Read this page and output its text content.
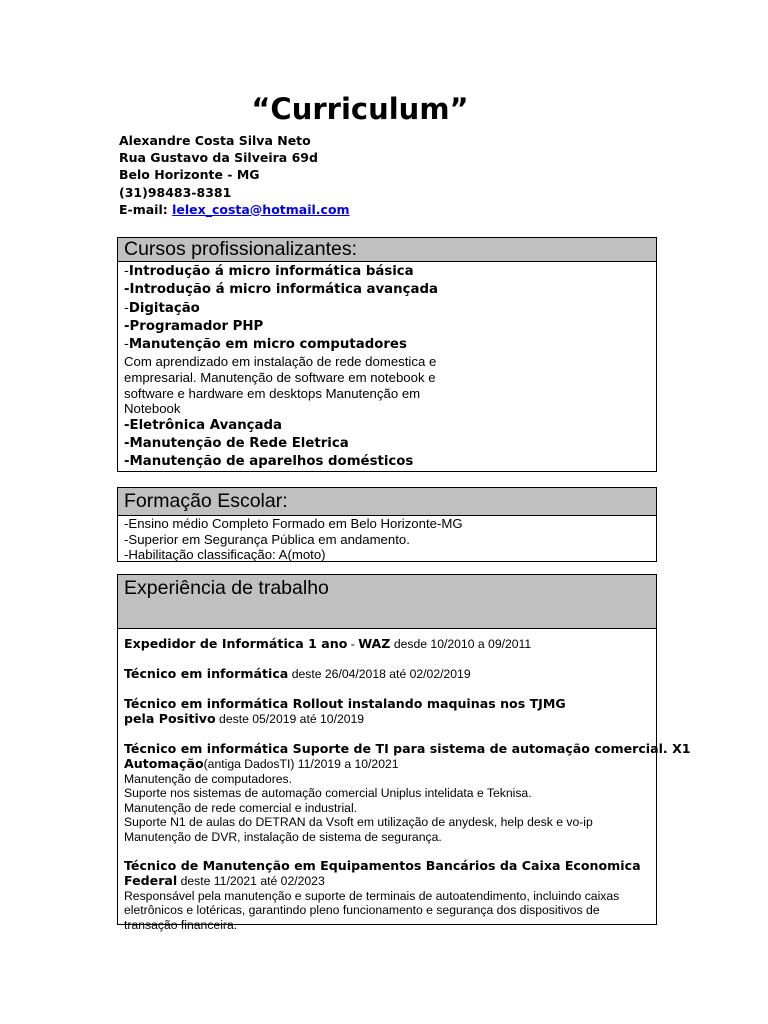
“Curriculum”
Alexandre Costa Silva Neto
Rua Gustavo da Silveira 69d
Belo Horizonte - MG
(31)98483-8381
E-mail: lelex_costa@hotmail.com
Cursos profissionalizantes:
-Introdução á micro informática básica
-Introdução á micro informática avançada
-Digitação
-Programador PHP
-Manutenção em micro computadores
Com aprendizado em instalação de rede domestica e
empresarial. Manutenção de software em notebook e
software e hardware em desktops Manutenção em
Notebook
-Eletrônica Avançada
-Manutenção de Rede Eletrica
-Manutenção de aparelhos domésticos
Formação Escolar:
-Ensino médio Completo Formado em Belo Horizonte-MG
-Superior em Segurança Pública em andamento.
-Habilitação classificação: A(moto)
Experiência de trabalho
Expedidor de Informática 1 ano - WAZ desde 10/2010 a 09/2011
Técnico em informática deste 26/04/2018 até 02/02/2019
Técnico em informática Rollout instalando maquinas nos TJMG
pela Positivo deste 05/2019 até 10/2019
Técnico em informática Suporte de TI para sistema de automação comercial. X1
Automação(antiga DadosTI) 11/2019 a 10/2021
Manutenção de computadores.
Suporte nos sistemas de automação comercial Uniplus intelidata e Teknisa.
Manutenção de rede comercial e industrial.
Suporte N1 de aulas do DETRAN da Vsoft em utilização de anydesk, help desk e vo-ip
Manutenção de DVR, instalação de sistema de segurança.
Técnico de Manutenção em Equipamentos Bancários da Caixa Economica
Federal deste 11/2021 até 02/2023
Responsável pela manutenção e suporte de terminais de autoatendimento, incluindo caixas
eletrônicos e lotéricas, garantindo pleno funcionamento e segurança dos dispositivos de
transação financeira.
